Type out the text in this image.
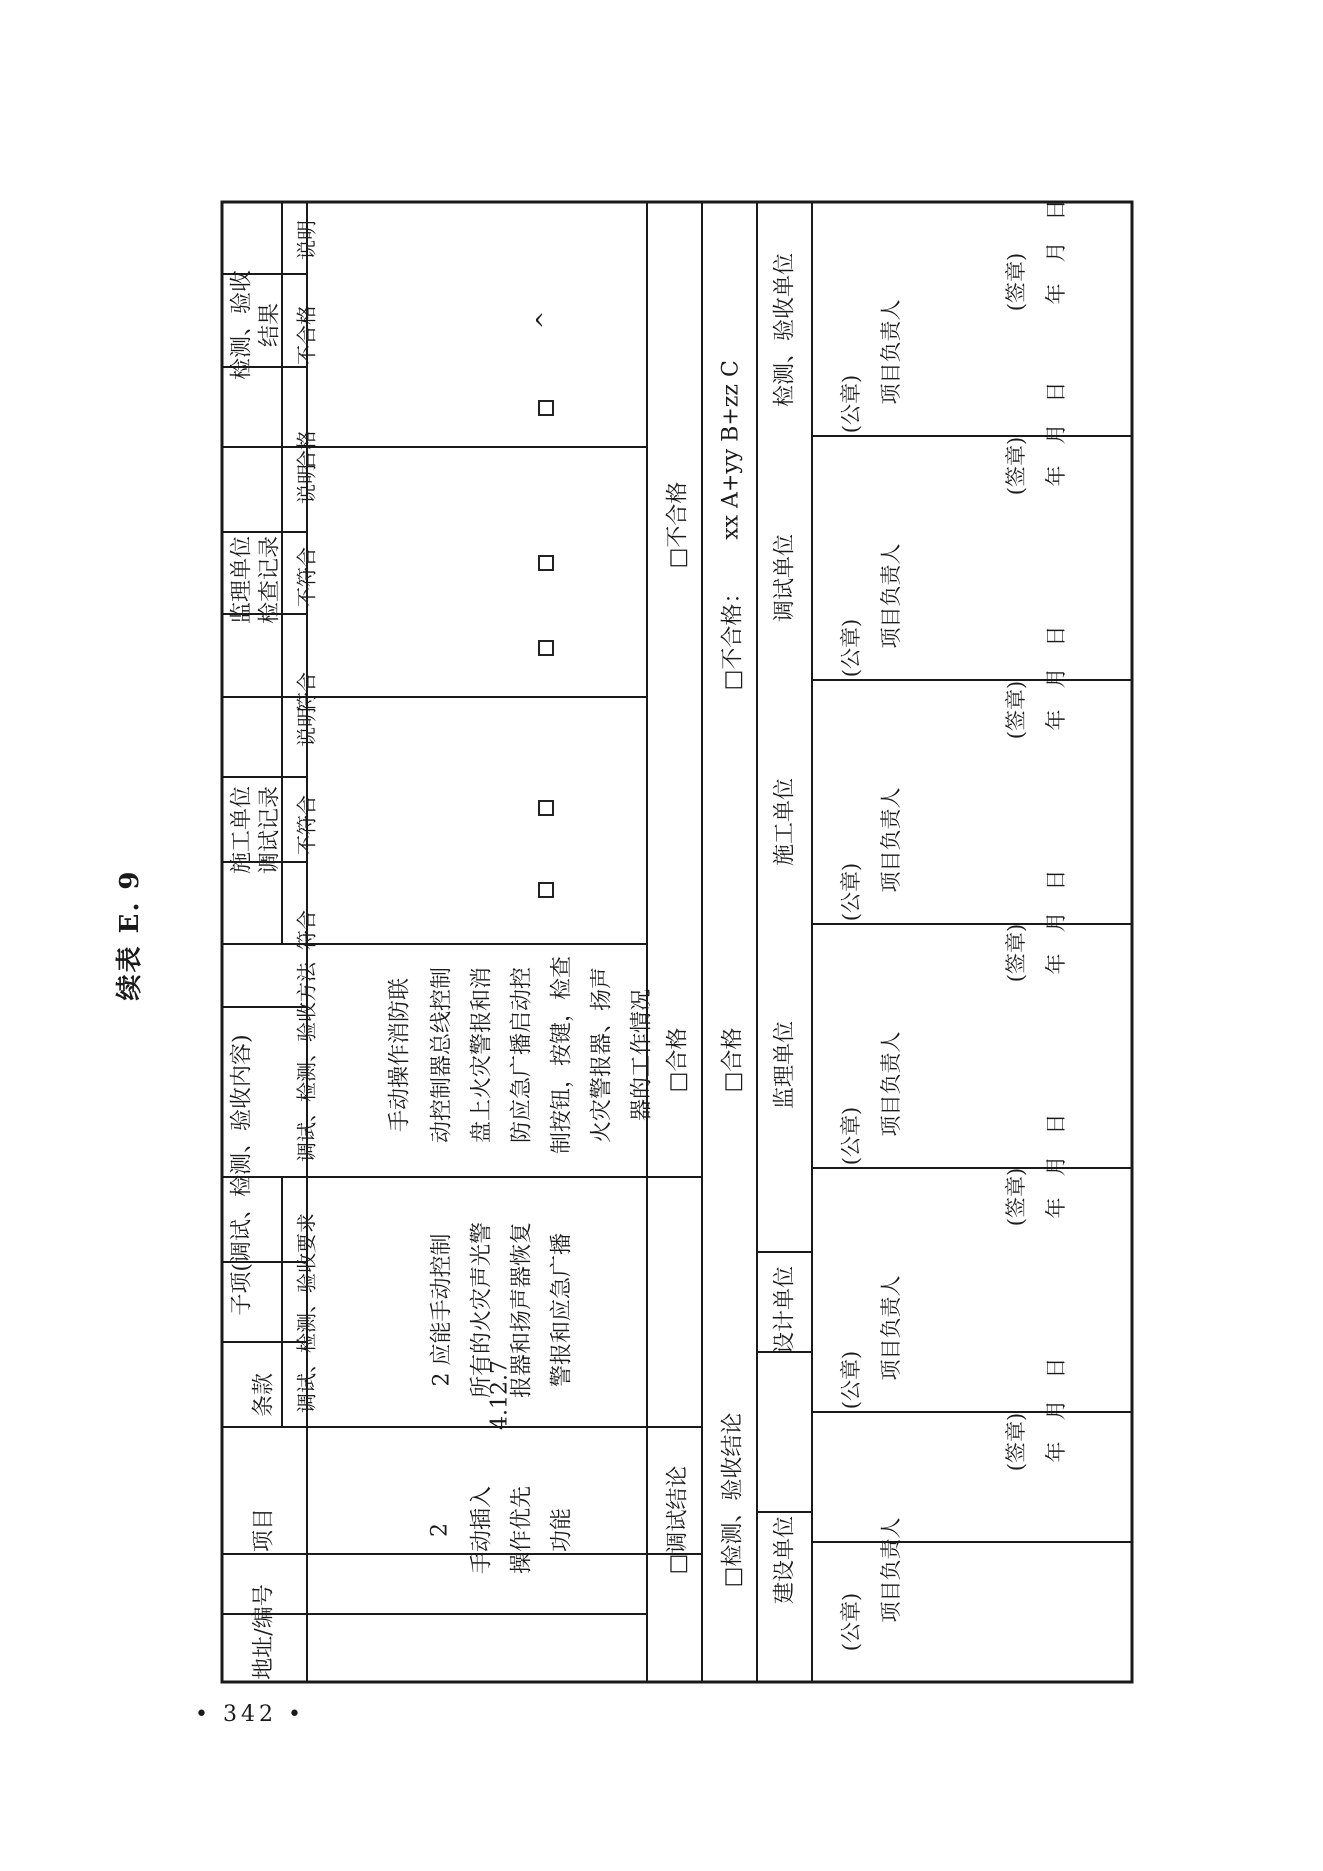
续表 E. 9
• 342 •
地址/编号
项目
条款
子项(调试、检测、验收内容) 调试、检测、验收要求
调试、检测、验收方法
施工单位 调试记录
符合
不符合
说明
监理单位 检查记录
符合
不符合
说明
检测、验收 结果
合格
不合格
说明
2 手动插入 操作优先 功能
4.12.7
2 应能手动控制 所有的火灾声光警 报器和扬声器恢复 警报和应急广播
手动操作消防联 动控制器总线控制 盘上火灾警报和消 防应急广播启动控 制按钮，按键，检查 火灾警报器、扬声 器的工作情况
^
□调试结论
□合格
□不合格
□检测、验收结论
□合格
□不合格：
xx A+yy B+zz C
建设单位
设计单位
监理单位
施工单位
调试单位
检测、验收单位
(公章) 项目负责人
(签章) 年　月　日
(公章) 项目负责人
(签章) 年　月　日
(公章) 项目负责人
(签章) 年　月　日
(公章) 项目负责人
(签章) 年　月　日
(公章) 项目负责人
(签章) 年　月　日
(公章) 项目负责人
(签章) 年　月　日
